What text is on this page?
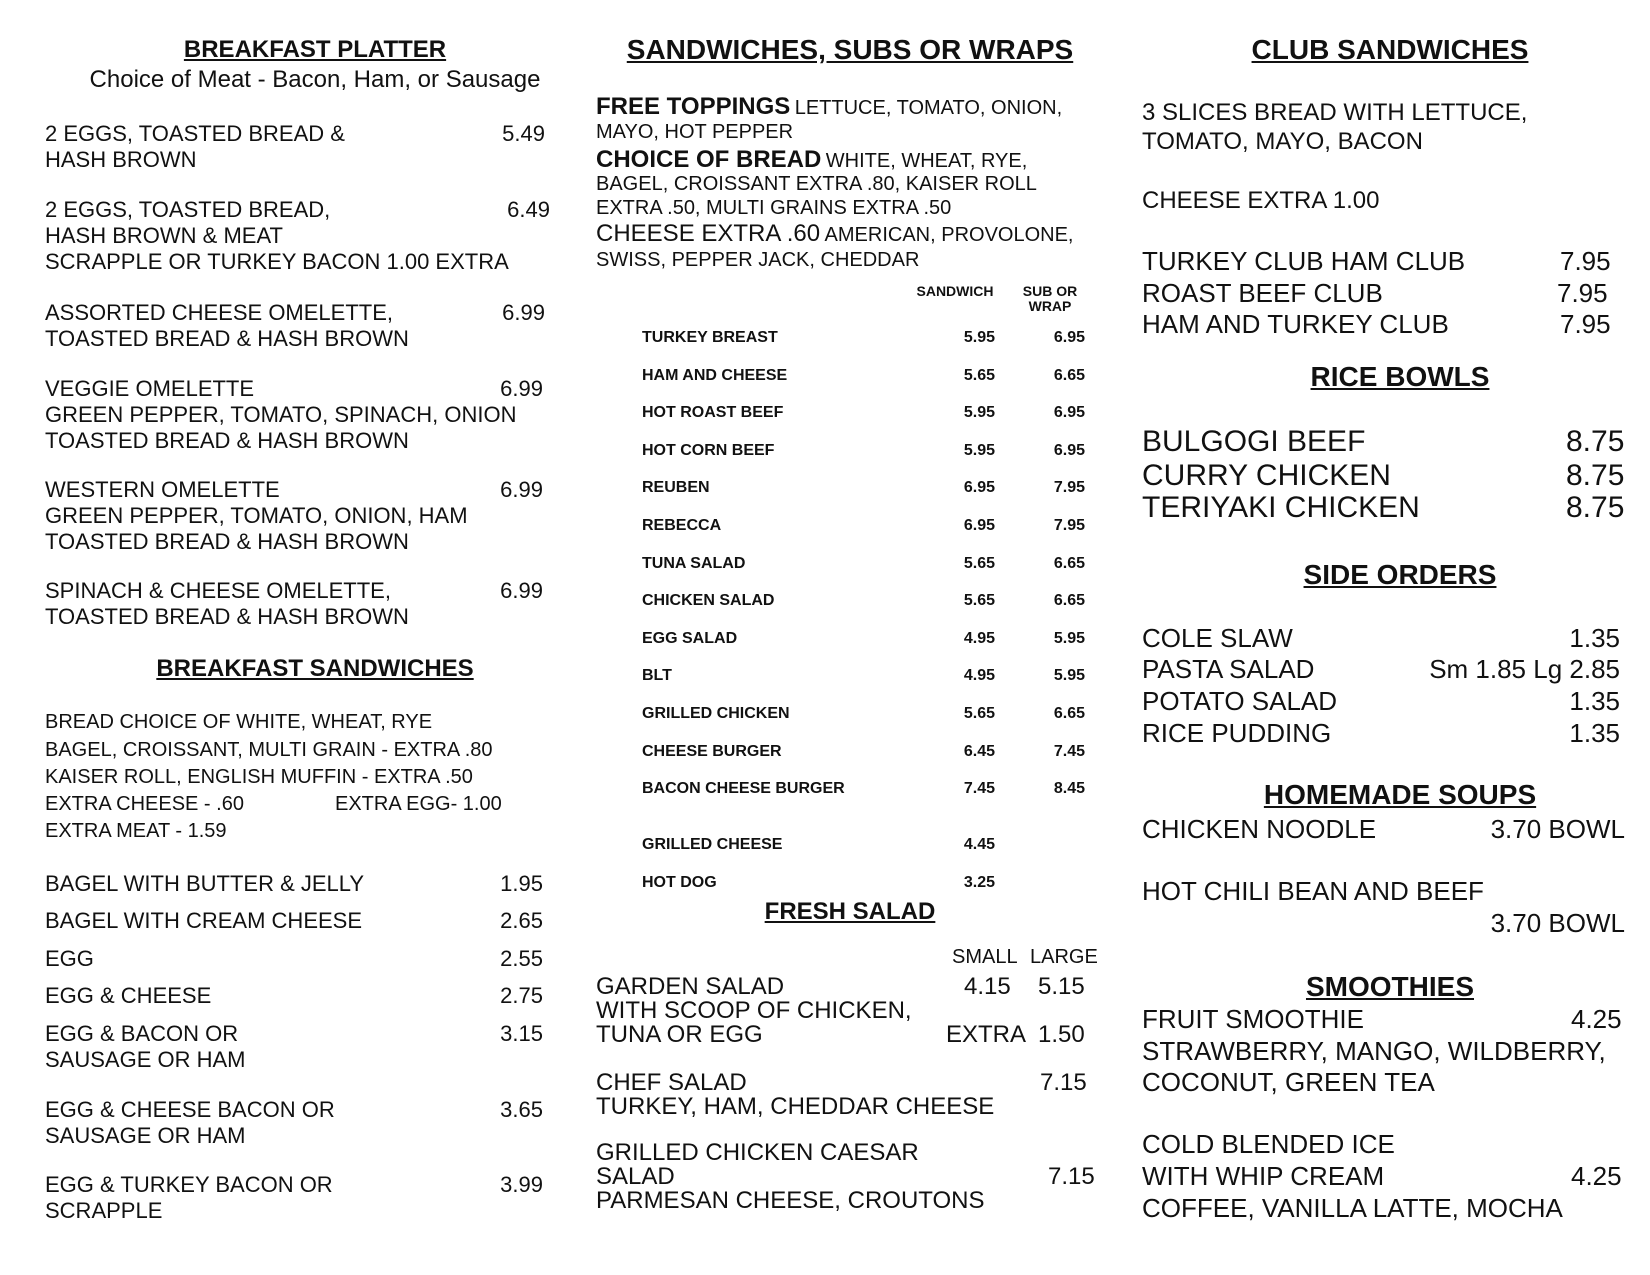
BREAKFAST PLATTER
Choice of Meat - Bacon, Ham, or Sausage
2 EGGS, TOASTED BREAD &
HASH BROWN
5.49
2 EGGS, TOASTED BREAD,
HASH BROWN & MEAT
SCRAPPLE OR TURKEY BACON 1.00 EXTRA
6.49
ASSORTED CHEESE OMELETTE,
TOASTED BREAD & HASH BROWN
6.99
VEGGIE OMELETTE
GREEN PEPPER, TOMATO, SPINACH, ONION
TOASTED BREAD & HASH BROWN
6.99
WESTERN OMELETTE
GREEN PEPPER, TOMATO, ONION, HAM
TOASTED BREAD & HASH BROWN
6.99
SPINACH & CHEESE OMELETTE,
TOASTED BREAD & HASH BROWN
6.99
BREAKFAST SANDWICHES
BREAD CHOICE OF WHITE, WHEAT, RYE
BAGEL, CROISSANT, MULTI GRAIN - EXTRA .80
KAISER ROLL, ENGLISH MUFFIN - EXTRA .50
EXTRA CHEESE - .60	EXTRA EGG- 1.00
EXTRA MEAT - 1.59
BAGEL WITH BUTTER & JELLY	1.95
BAGEL WITH CREAM CHEESE	2.65
EGG	2.55
EGG & CHEESE	2.75
EGG & BACON OR
SAUSAGE OR HAM
3.15
EGG & CHEESE BACON OR
SAUSAGE OR HAM
3.65
EGG & TURKEY BACON OR
SCRAPPLE
3.99
SANDWICHES, SUBS OR WRAPS
FREE TOPPINGS LETTUCE, TOMATO, ONION,
MAYO, HOT PEPPER
CHOICE OF BREAD WHITE, WHEAT, RYE,
BAGEL, CROISSANT EXTRA .80, KAISER ROLL
EXTRA .50, MULTI GRAINS EXTRA .50
CHEESE EXTRA .60 AMERICAN, PROVOLONE,
SWISS, PEPPER JACK, CHEDDAR
SANDWICH	SUB OR
WRAP
TURKEY BREAST	5.95	6.95
HAM AND CHEESE	5.65	6.65
HOT ROAST BEEF	5.95	6.95
HOT CORN BEEF	5.95	6.95
REUBEN	6.95	7.95
REBECCA	6.95	7.95
TUNA SALAD	5.65	6.65
CHICKEN SALAD	5.65	6.65
EGG SALAD	4.95	5.95
BLT	4.95	5.95
GRILLED CHICKEN	5.65	6.65
CHEESE BURGER	6.45	7.45
BACON CHEESE BURGER	7.45	8.45
GRILLED CHEESE	4.45
HOT DOG	3.25
FRESH SALAD
SMALL LARGE
GARDEN SALAD
WITH SCOOP OF CHICKEN,
TUNA OR EGG
4.15 5.15
EXTRA 1.50
CHEF SALAD
TURKEY, HAM, CHEDDAR CHEESE
7.15
GRILLED CHICKEN CAESAR
SALAD
PARMESAN CHEESE, CROUTONS
7.15
CLUB SANDWICHES
3 SLICES BREAD WITH LETTUCE,
TOMATO, MAYO, BACON
CHEESE EXTRA 1.00
TURKEY CLUB HAM CLUB	7.95
ROAST BEEF CLUB	7.95
HAM AND TURKEY CLUB	7.95
RICE BOWLS
BULGOGI BEEF	8.75
CURRY CHICKEN	8.75
TERIYAKI CHICKEN	8.75
SIDE ORDERS
COLE SLAW	1.35
PASTA SALAD	Sm 1.85 Lg 2.85
POTATO SALAD	1.35
RICE PUDDING	1.35
HOMEMADE SOUPS
CHICKEN NOODLE	3.70 BOWL
HOT CHILI BEAN AND BEEF
3.70 BOWL
SMOOTHIES
FRUIT SMOOTHIE	4.25
STRAWBERRY, MANGO, WILDBERRY,
COCONUT, GREEN TEA
COLD BLENDED ICE
WITH WHIP CREAM	4.25
COFFEE, VANILLA LATTE, MOCHA
